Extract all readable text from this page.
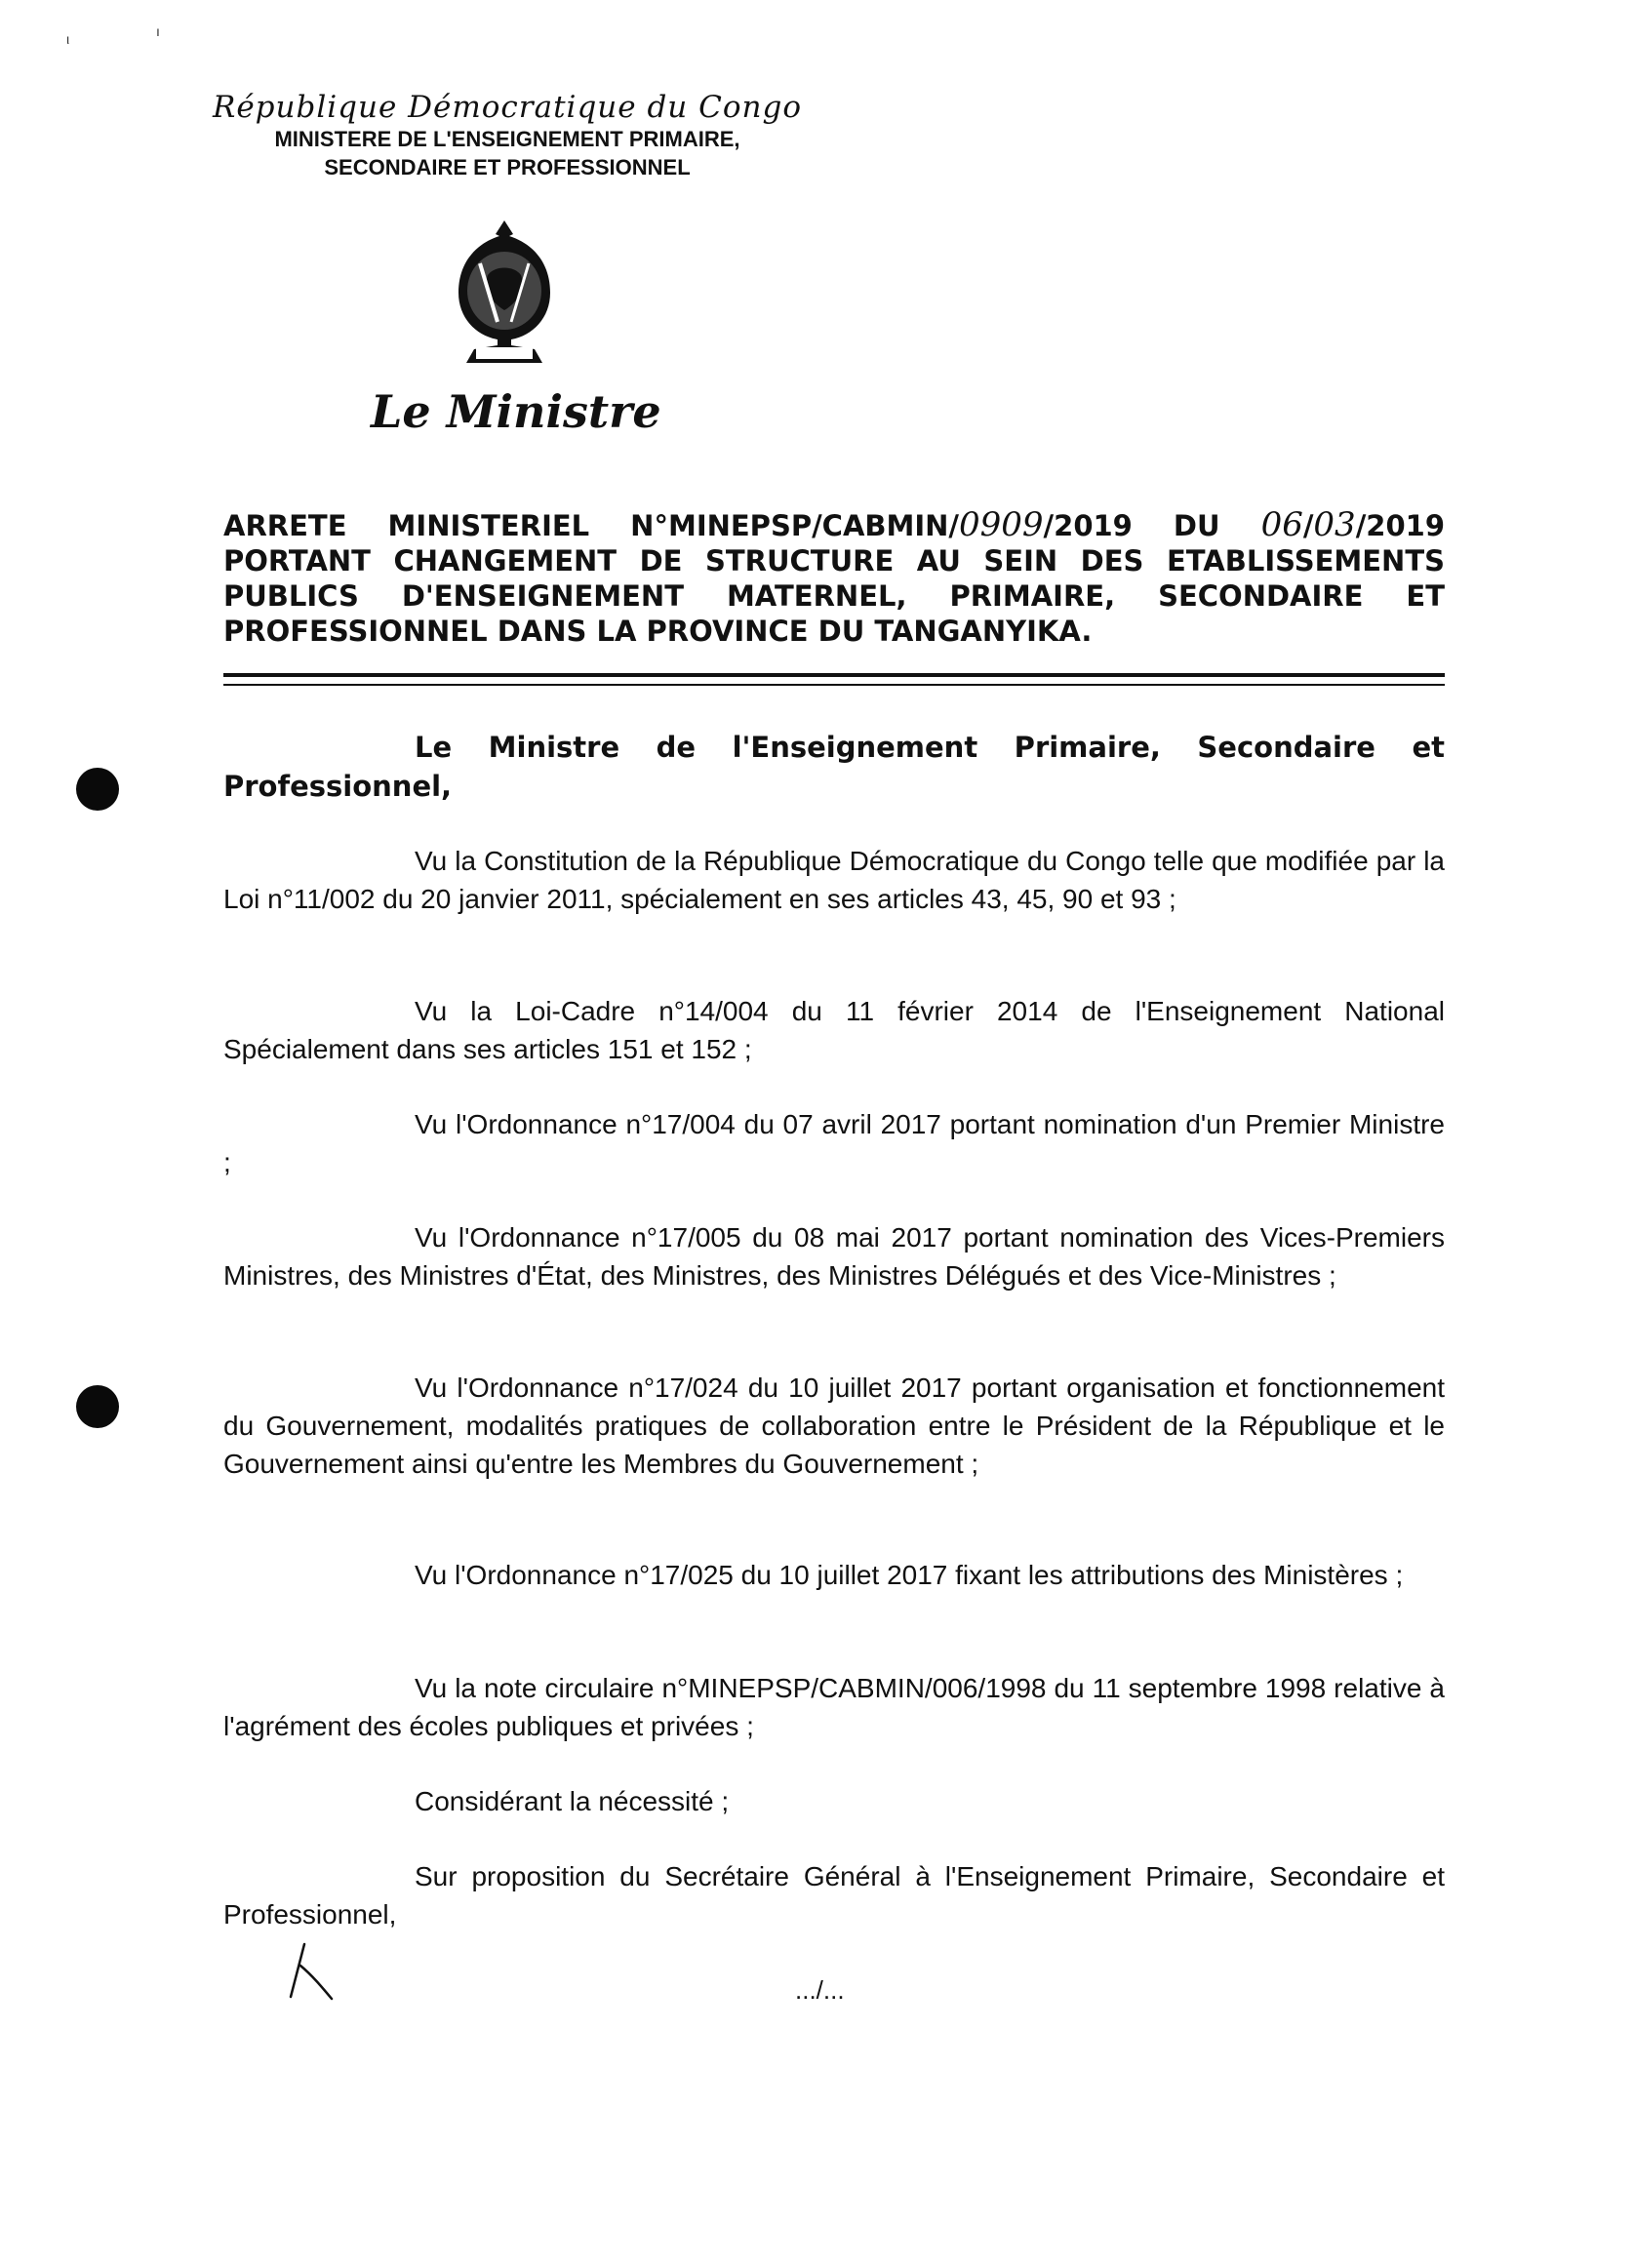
ι	ı
République Démocratique du Congo
MINISTERE DE L'ENSEIGNEMENT PRIMAIRE,
SECONDAIRE ET PROFESSIONNEL
Le Ministre
ARRETE MINISTERIEL N°MINEPSP/CABMIN/0909/2019 DU 06/03/2019 PORTANT CHANGEMENT DE STRUCTURE AU SEIN DES ETABLISSEMENTS PUBLICS D'ENSEIGNEMENT MATERNEL, PRIMAIRE, SECONDAIRE ET PROFESSIONNEL DANS LA PROVINCE DU TANGANYIKA.
Le Ministre de l'Enseignement Primaire, Secondaire et Professionnel,
Vu la Constitution de la République Démocratique du Congo telle que modifiée par la Loi n°11/002 du 20 janvier 2011, spécialement en ses articles 43, 45, 90 et 93 ;
Vu la Loi-Cadre n°14/004 du 11 février 2014 de l'Enseignement National Spécialement dans ses articles 151 et 152 ;
Vu l'Ordonnance n°17/004 du 07 avril 2017 portant nomination d'un Premier Ministre ;
Vu l'Ordonnance n°17/005 du 08 mai 2017 portant nomination des Vices-Premiers Ministres, des Ministres d'État, des Ministres, des Ministres Délégués et des Vice-Ministres ;
Vu l'Ordonnance n°17/024 du 10 juillet 2017 portant organisation et fonctionnement du Gouvernement, modalités pratiques de collaboration entre le Président de la République et le Gouvernement ainsi qu'entre les Membres du Gouvernement ;
Vu l'Ordonnance n°17/025 du 10 juillet 2017 fixant les attributions des Ministères ;
Vu la note circulaire n°MINEPSP/CABMIN/006/1998 du 11 septembre 1998 relative à l'agrément des écoles publiques et privées ;
Considérant la nécessité ;
Sur proposition du Secrétaire Général à l'Enseignement Primaire, Secondaire et Professionnel,
.../...
